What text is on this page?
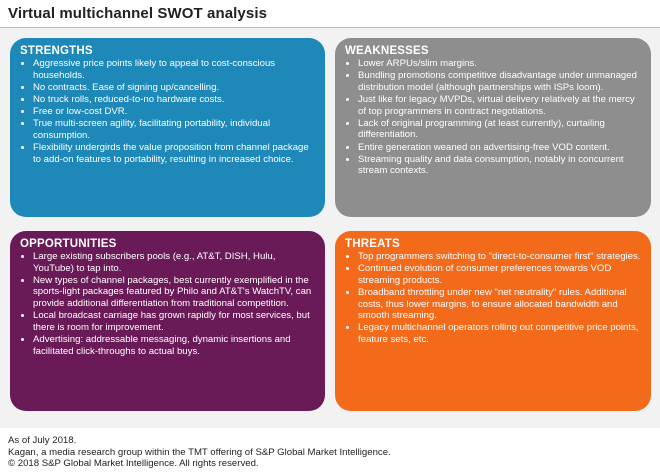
Virtual multichannel SWOT analysis
STRENGTHS
• Aggressive price points likely to appeal to cost-conscious households.
• No contracts. Ease of signing up/cancelling.
• No truck rolls, reduced-to-no hardware costs.
• Free or low-cost DVR.
• True multi-screen agility, facilitating portability, individual consumption.
• Flexibility undergirds the value proposition from channel package to add-on features to portability, resulting in increased choice.
WEAKNESSES
• Lower ARPUs/slim margins.
• Bundling promotions competitive disadvantage under unmanaged distribution model (although partnerships with ISPs loom).
• Just like for legacy MVPDs, virtual delivery relatively at the mercy of top programmers in contract negotiations.
• Lack of original programming (at least currently), curtailing differentiation.
• Entire generation weaned on advertising-free VOD content.
• Streaming quality and data consumption, notably in concurrent stream contexts.
OPPORTUNITIES
• Large existing subscribers pools (e.g., AT&T, DISH, Hulu, YouTube) to tap into.
• New types of channel packages, best currently exemplified in the sports-light packages featured by Philo and AT&T's WatchTV, can provide additional differentiation from traditional competition.
• Local broadcast carriage has grown rapidly for most services, but there is room for improvement.
• Advertising: addressable messaging, dynamic insertions and facilitated click-throughs to actual buys.
THREATS
• Top programmers switching to "direct-to-consumer first" strategies.
• Continued evolution of consumer preferences towards VOD streaming products.
• Broadband throttling under new "net neutrality" rules. Additional costs, thus lower margins, to ensure allocated bandwidth and smooth streaming.
• Legacy multichannel operators rolling out competitive price points, feature sets, etc.
As of July 2018.
Kagan, a media research group within the TMT offering of S&P Global Market Intelligence.
© 2018 S&P Global Market Intelligence. All rights reserved.
